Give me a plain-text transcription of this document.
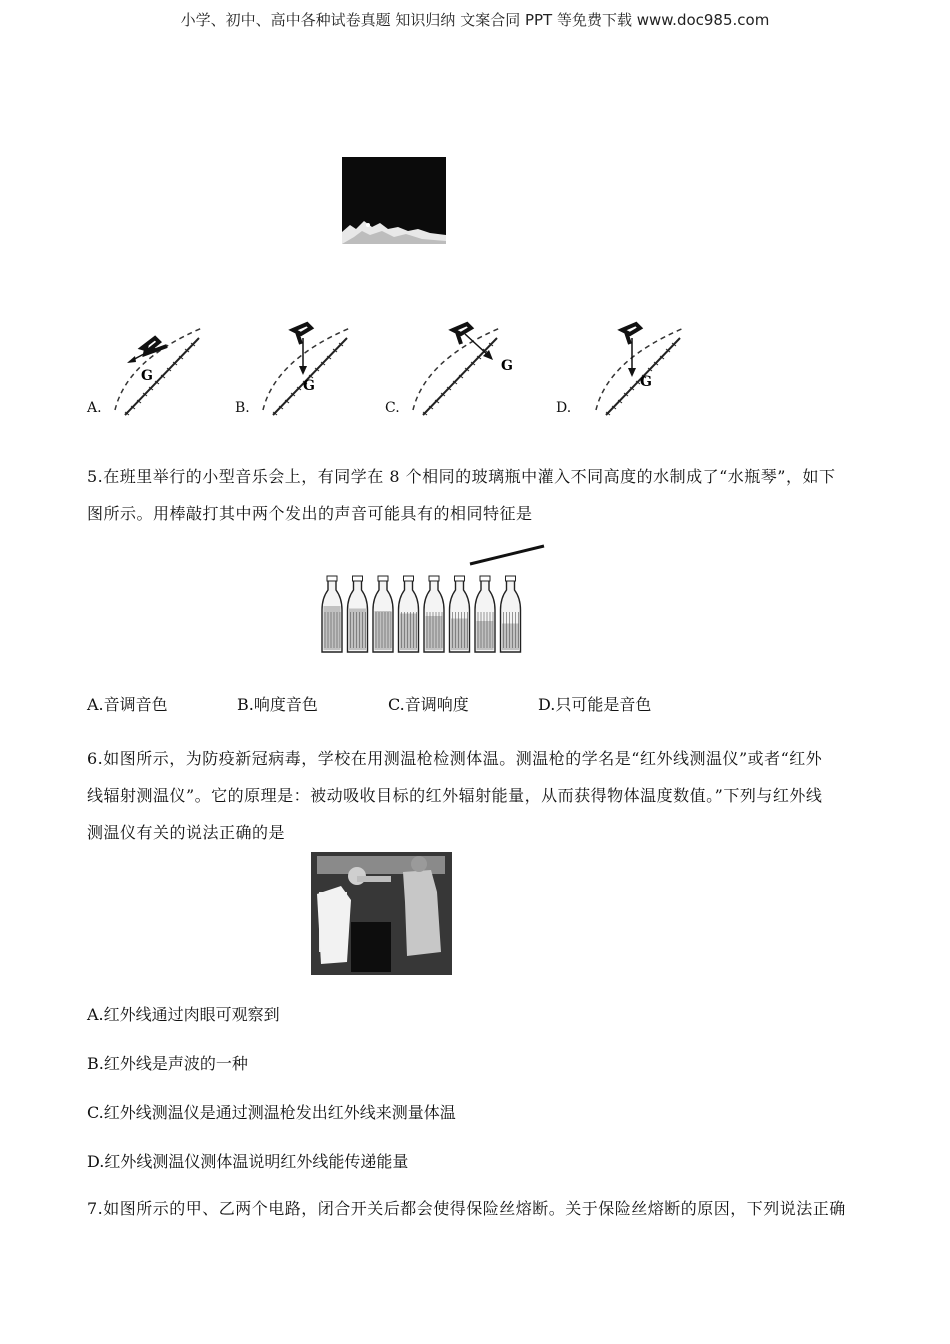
小学、初中、高中各种试卷真题 知识归纳 文案合同 PPT 等免费下载 www.doc985.com
A.
G
B.
G
C.
G
D.
G
5.在班里举行的小型音乐会上，有同学在 8 个相同的玻璃瓶中灌入不同高度的水制成了“水瓶琴”，如下
图所示。用棒敲打其中两个发出的声音可能具有的相同特征是
A.音调音色	B.响度音色	C.音调响度	D.只可能是音色
6.如图所示，为防疫新冠病毒，学校在用测温枪检测体温。测温枪的学名是“红外线测温仪”或者“红外
线辐射测温仪”。它的原理是：被动吸收目标的红外辐射能量，从而获得物体温度数值。”下列与红外线
测温仪有关的说法正确的是
A.红外线通过肉眼可观察到
B.红外线是声波的一种
C.红外线测温仪是通过测温枪发出红外线来测量体温
D.红外线测温仪测体温说明红外线能传递能量
7.如图所示的甲、乙两个电路，闭合开关后都会使得保险丝熔断。关于保险丝熔断的原因，下列说法正确
